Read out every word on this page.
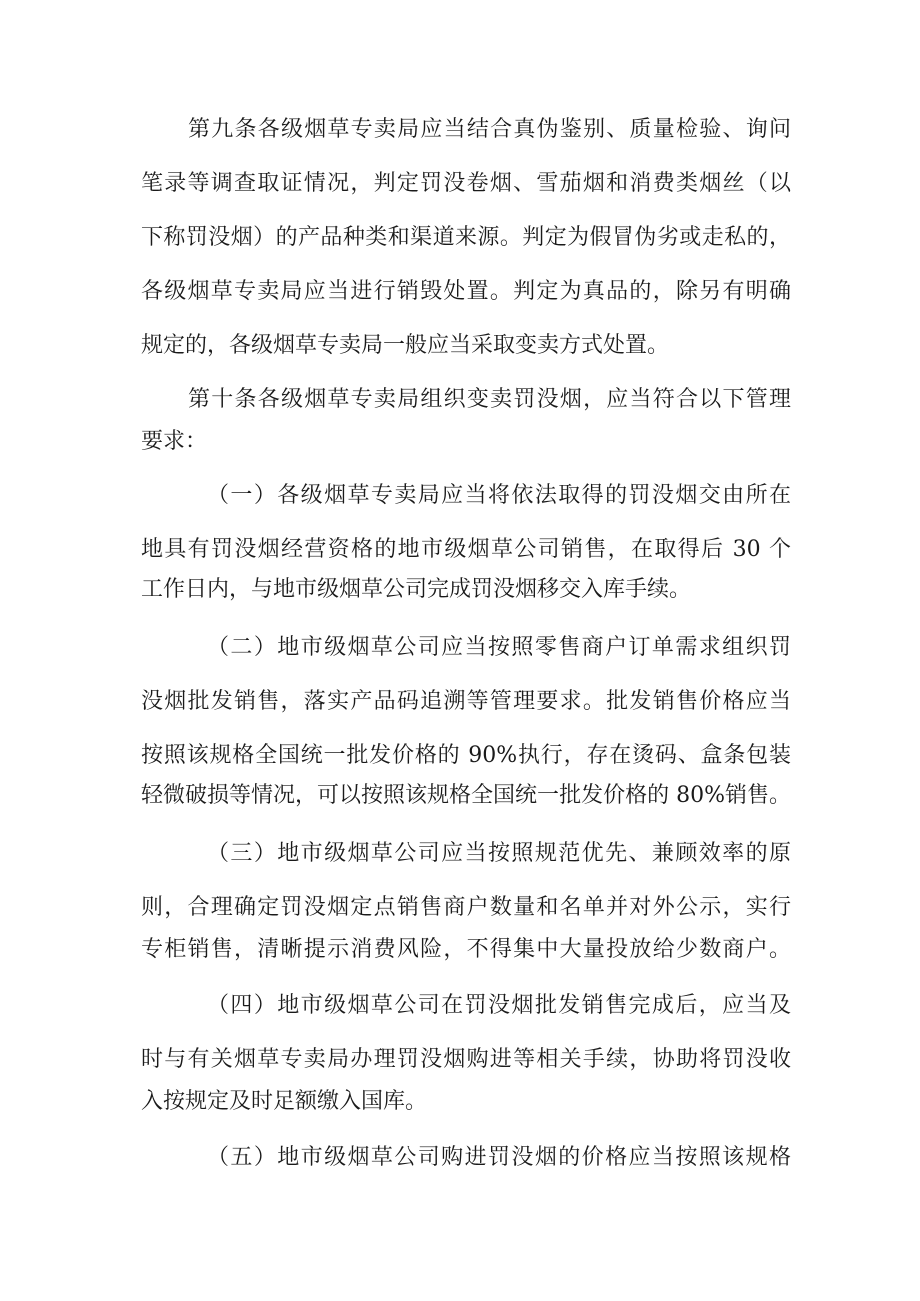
第九条各级烟草专卖局应当结合真伪鉴别、质量检验、询问
笔录等调查取证情况，判定罚没卷烟、雪茄烟和消费类烟丝（以
下称罚没烟）的产品种类和渠道来源。判定为假冒伪劣或走私的，
各级烟草专卖局应当进行销毁处置。判定为真品的，除另有明确
规定的，各级烟草专卖局一般应当采取变卖方式处置。
第十条各级烟草专卖局组织变卖罚没烟，应当符合以下管理
要求：
（一）各级烟草专卖局应当将依法取得的罚没烟交由所在
地具有罚没烟经营资格的地市级烟草公司销售，在取得后 30 个
工作日内，与地市级烟草公司完成罚没烟移交入库手续。
（二）地市级烟草公司应当按照零售商户订单需求组织罚
没烟批发销售，落实产品码追溯等管理要求。批发销售价格应当
按照该规格全国统一批发价格的 90%执行，存在烫码、盒条包装
轻微破损等情况，可以按照该规格全国统一批发价格的 80%销售。
（三）地市级烟草公司应当按照规范优先、兼顾效率的原
则，合理确定罚没烟定点销售商户数量和名单并对外公示，实行
专柜销售，清晰提示消费风险，不得集中大量投放给少数商户。
（四）地市级烟草公司在罚没烟批发销售完成后，应当及
时与有关烟草专卖局办理罚没烟购进等相关手续，协助将罚没收
入按规定及时足额缴入国库。
（五）地市级烟草公司购进罚没烟的价格应当按照该规格
